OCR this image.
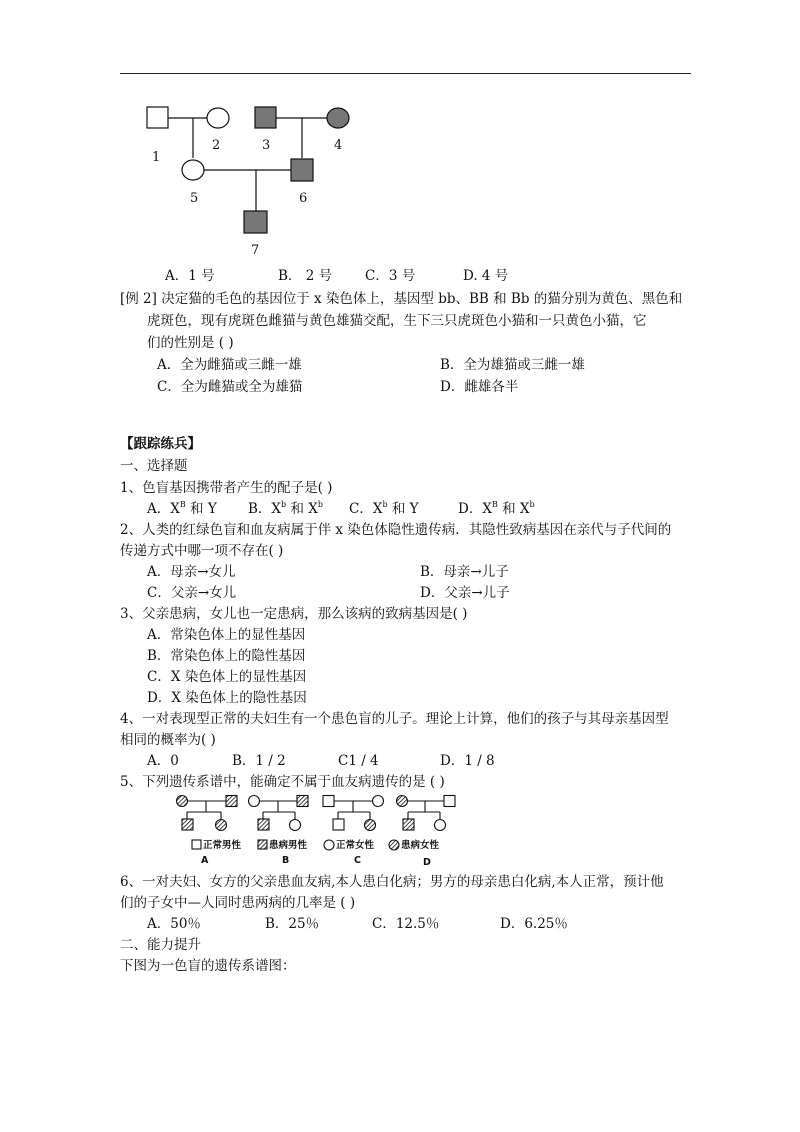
1
2	3	4
5	6
7
A．1 号	B． 2 号 C．3 号	D. 4 号
[例 2] 决定猫的毛色的基因位于 x 染色体上，基因型 bb、BB 和 Bb 的猫分别为黄色、黑色和
虎斑色，现有虎斑色雌猫与黄色雄猫交配，生下三只虎斑色小猫和一只黄色小猫，它
们的性别是 ( )
A．全为雌猫或三雌一雄	B．全为雄猫或三雌一雄
C．全为雌猫或全为雄猫	D．雌雄各半
【跟踪练兵】
一、选择题
1、色盲基因携带者产生的配子是( )
A．$X^B$ 和 Y B．$X^b$ 和 $X^b$ C．$X^b$ 和 Y	D．$X^B$ 和 $X^b$
2、人类的红绿色盲和血友病属于伴 x 染色体隐性遗传病．其隐性致病基因在亲代与子代间的
传递方式中哪一项不存在( )
A．母亲→女儿	B．母亲→儿子
C．父亲→女儿	D．父亲→儿子
3、父亲患病，女儿也一定患病，那么该病的致病基因是( )
A．常染色体上的显性基因
B．常染色体上的隐性基因
C．X 染色体上的显性基因
D．X 染色体上的隐性基因
4、一对表现型正常的夫妇生有一个患色盲的儿子。理论上计算，他们的孩子与其母亲基因型
相同的概率为( )
A．0	B．1 / 2	C1 / 4	D．1 / 8
5、下列遗传系谱中，能确定不属于血友病遗传的是 ( )
正常男性	患病男性	正常女性	患病女性
A	B	C	D
6、一对夫妇、女方的父亲患血友病,本人患白化病；男方的母亲患白化病,本人正常，预计他
们的子女中—人同时患两病的几率是 ( )
A．50％	B．25％	C．12.5％	D．6.25％
二、能力提升
下图为一色盲的遗传系谱图：
